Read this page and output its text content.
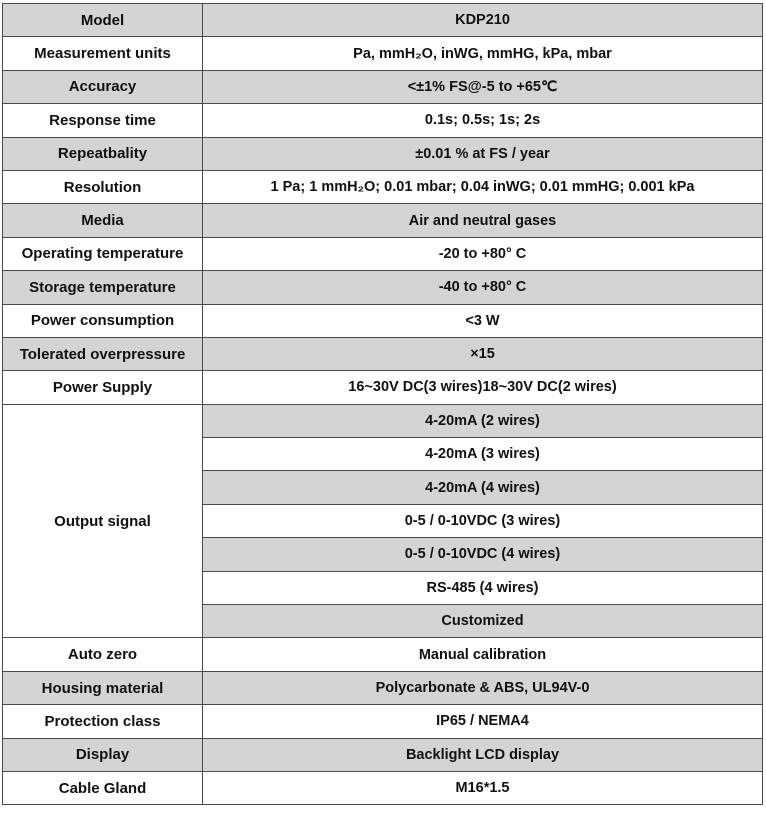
Model	KDP210
Measurement units	Pa, mmH₂O, inWG, mmHG, kPa, mbar
Accuracy	<±1% FS@-5 to +65℃
Response time	0.1s; 0.5s; 1s; 2s
Repeatbality	±0.01 % at FS / year
Resolution	1 Pa; 1 mmH₂O; 0.01 mbar; 0.04 inWG; 0.01 mmHG; 0.001 kPa
Media	Air and neutral gases
Operating temperature	-20 to +80° C
Storage temperature	-40 to +80° C
Power consumption	<3 W
Tolerated overpressure	×15
Power Supply	16~30V DC(3 wires)18~30V DC(2 wires)
Output signal	4-20mA (2 wires)
	4-20mA (3 wires)
	4-20mA (4 wires)
	0-5 / 0-10VDC (3 wires)
	0-5 / 0-10VDC (4 wires)
	RS-485 (4 wires)
	Customized
Auto zero	Manual calibration
Housing material	Polycarbonate & ABS, UL94V-0
Protection class	IP65 / NEMA4
Display	Backlight LCD display
Cable Gland	M16*1.5
